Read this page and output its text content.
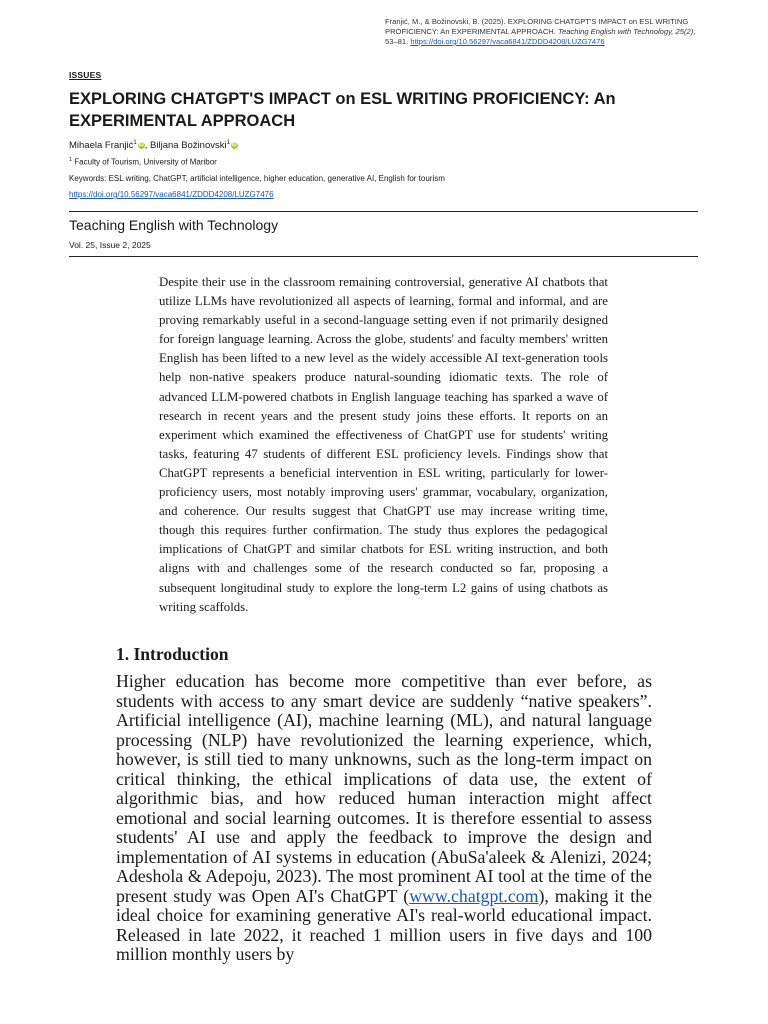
Franjić, M., & Božinovski, B. (2025). EXPLORING CHATGPT'S IMPACT on ESL WRITING PROFICIENCY: An EXPERIMENTAL APPROACH. Teaching English with Technology, 25(2), 53–81. https://doi.org/10.56297/vaca6841/ZDDD4208/LUZG7476
ISSUES
EXPLORING CHATGPT'S IMPACT on ESL WRITING PROFICIENCY: An EXPERIMENTAL APPROACH
Mihaela Franjić$^1$ iD, Biljana Božinovski$^1$ iD
$^1$ Faculty of Tourism, University of Maribor
Keywords: ESL writing, ChatGPT, artificial intelligence, higher education, generative AI, English for tourism
https://doi.org/10.56297/vaca6841/ZDDD4208/LUZG7476
Teaching English with Technology
Vol. 25, Issue 2, 2025

Despite their use in the classroom remaining controversial, generative AI chatbots that utilize LLMs have revolutionized all aspects of learning, formal and informal, and are proving remarkably useful in a second-language setting even if not primarily designed for foreign language learning. Across the globe, students' and faculty members' written English has been lifted to a new level as the widely accessible AI text-generation tools help non-native speakers produce natural-sounding idiomatic texts. The role of advanced LLM-powered chatbots in English language teaching has sparked a wave of research in recent years and the present study joins these efforts. It reports on an experiment which examined the effectiveness of ChatGPT use for students' writing tasks, featuring 47 students of different ESL proficiency levels. Findings show that ChatGPT represents a beneficial intervention in ESL writing, particularly for lower-proficiency users, most notably improving users' grammar, vocabulary, organization, and coherence. Our results suggest that ChatGPT use may increase writing time, though this requires further confirmation. The study thus explores the pedagogical implications of ChatGPT and similar chatbots for ESL writing instruction, and both aligns with and challenges some of the research conducted so far, proposing a subsequent longitudinal study to explore the long-term L2 gains of using chatbots as writing scaffolds.

1. Introduction

Higher education has become more competitive than ever before, as students with access to any smart device are suddenly “native speakers”. Artificial intelligence (AI), machine learning (ML), and natural language processing (NLP) have revolutionized the learning experience, which, however, is still tied to many unknowns, such as the long-term impact on critical thinking, the ethical implications of data use, the extent of algorithmic bias, and how reduced human interaction might affect emotional and social learning outcomes. It is therefore essential to assess students' AI use and apply the feedback to improve the design and implementation of AI systems in education (AbuSa'aleek & Alenizi, 2024; Adeshola & Adepoju, 2023). The most prominent AI tool at the time of the present study was Open AI's ChatGPT (www.chatgpt.com), making it the ideal choice for examining generative AI's real-world educational impact. Released in late 2022, it reached 1 million users in five days and 100 million monthly users by
